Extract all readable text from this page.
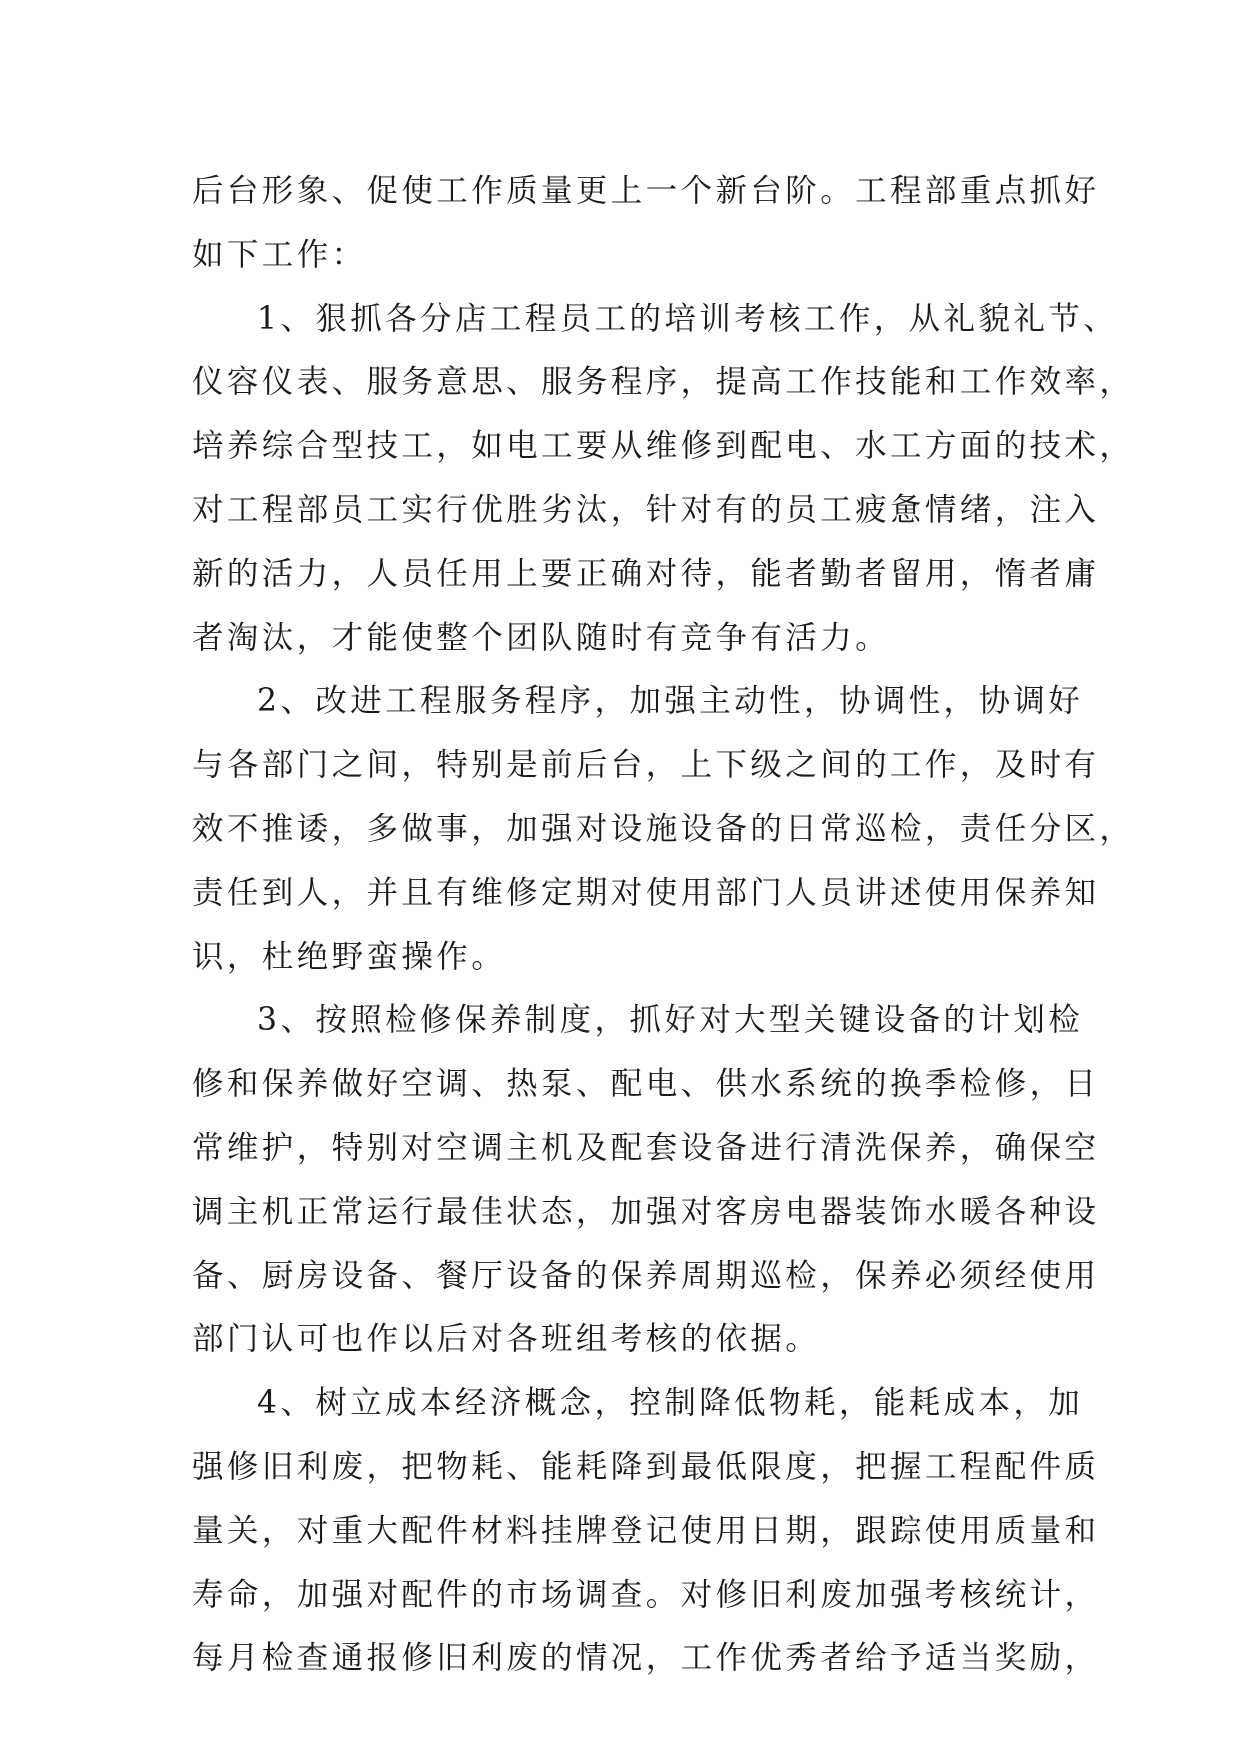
后台形象、促使工作质量更上一个新台阶。工程部重点抓好
如下工作：
1、狠抓各分店工程员工的培训考核工作，从礼貌礼节、
仪容仪表、服务意思、服务程序，提高工作技能和工作效率，
培养综合型技工，如电工要从维修到配电、水工方面的技术，
对工程部员工实行优胜劣汰，针对有的员工疲惫情绪，注入
新的活力，人员任用上要正确对待，能者勤者留用，惰者庸
者淘汰，才能使整个团队随时有竞争有活力。
2、改进工程服务程序，加强主动性，协调性，协调好
与各部门之间，特别是前后台，上下级之间的工作，及时有
效不推诿，多做事，加强对设施设备的日常巡检，责任分区，
责任到人，并且有维修定期对使用部门人员讲述使用保养知
识，杜绝野蛮操作。
3、按照检修保养制度，抓好对大型关键设备的计划检
修和保养做好空调、热泵、配电、供水系统的换季检修，日
常维护，特别对空调主机及配套设备进行清洗保养，确保空
调主机正常运行最佳状态，加强对客房电器装饰水暖各种设
备、厨房设备、餐厅设备的保养周期巡检，保养必须经使用
部门认可也作以后对各班组考核的依据。
4、树立成本经济概念，控制降低物耗，能耗成本，加
强修旧利废，把物耗、能耗降到最低限度，把握工程配件质
量关，对重大配件材料挂牌登记使用日期，跟踪使用质量和
寿命，加强对配件的市场调查。对修旧利废加强考核统计，
每月检查通报修旧利废的情况，工作优秀者给予适当奖励，
